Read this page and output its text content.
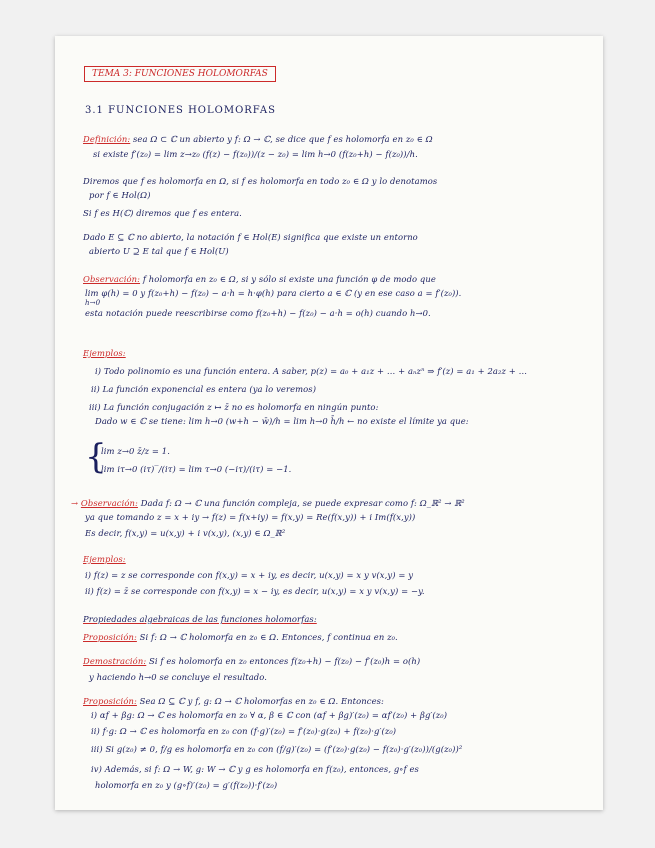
TEMA 3: FUNCIONES HOLOMORFAS
3.1 FUNCIONES HOLOMORFAS
Definición: sea Ω ⊂ ℂ un abierto y f: Ω → ℂ, se dice que f es holomorfa en z₀ ∈ Ω
si existe f′(z₀) = lim z→z₀ (f(z) − f(z₀))/(z − z₀) = lim h→0 (f(z₀+h) − f(z₀))/h.
Diremos que f es holomorfa en Ω, si f es holomorfa en todo z₀ ∈ Ω y lo denotamos
por f ∈ Hol(Ω)
Si f es H(ℂ) diremos que f es entera.
Dado E ⊆ ℂ no abierto, la notación f ∈ Hol(E) significa que existe un entorno
abierto U ⊇ E tal que f ∈ Hol(U)
Observación: f holomorfa en z₀ ∈ Ω, si y sólo si existe una función φ de modo que
lim φ(h) = 0 y f(z₀+h) − f(z₀) − a·h = h·φ(h) para cierto a ∈ ℂ (y en ese caso a = f′(z₀)).
h→0
esta notación puede reescribirse como f(z₀+h) − f(z₀) − a·h = o(h) cuando h→0.
Ejemplos:
i) Todo polinomio es una función entera. A saber, p(z) = a₀ + a₁z + … + aₙzⁿ ⇒ f′(z) = a₁ + 2a₂z + …
ii) La función exponencial es entera (ya lo veremos)
iii) La función conjugación z ↦ z̄ no es holomorfa en ningún punto:
Dado w ∈ ℂ se tiene: lim h→0 (w+h − w̄)/h = lim h→0 h̄/h ← no existe el límite ya que:
{
lim z→0 z̄/z = 1.
lim iτ→0 (iτ)‾/(iτ) = lim τ→0 (−iτ)/(iτ) = −1.
→ Observación: Dada f: Ω → ℂ una función compleja, se puede expresar como f: Ω_ℝ² → ℝ²
ya que tomando z = x + iy → f(z) = f(x+iy) = f(x,y) = Re(f(x,y)) + i Im(f(x,y))
Es decir, f(x,y) = u(x,y) + i v(x,y), (x,y) ∈ Ω_ℝ²
Ejemplos:
i) f(z) = z se corresponde con f(x,y) = x + iy, es decir, u(x,y) = x y v(x,y) = y
ii) f(z) = z̄ se corresponde con f(x,y) = x − iy, es decir, u(x,y) = x y v(x,y) = −y.
Propiedades algebraicas de las funciones holomorfas:
Proposición: Si f: Ω → ℂ holomorfa en z₀ ∈ Ω. Entonces, f continua en z₀.
Demostración: Si f es holomorfa en z₀ entonces f(z₀+h) − f(z₀) − f′(z₀)h = o(h)
y haciendo h→0 se concluye el resultado.
Proposición: Sea Ω ⊆ ℂ y f, g: Ω → ℂ holomorfas en z₀ ∈ Ω. Entonces:
i) αf + βg: Ω → ℂ es holomorfa en z₀ ∀ α, β ∈ ℂ con (αf + βg)′(z₀) = αf′(z₀) + βg′(z₀)
ii) f·g: Ω → ℂ es holomorfa en z₀ con (f·g)′(z₀) = f′(z₀)·g(z₀) + f(z₀)·g′(z₀)
iii) Si g(z₀) ≠ 0, f/g es holomorfa en z₀ con (f/g)′(z₀) = (f′(z₀)·g(z₀) − f(z₀)·g′(z₀))/(g(z₀))²
iv) Además, si f: Ω → W, g: W → ℂ y g es holomorfa en f(z₀), entonces, g∘f es
holomorfa en z₀ y (g∘f)′(z₀) = g′(f(z₀))·f′(z₀)
